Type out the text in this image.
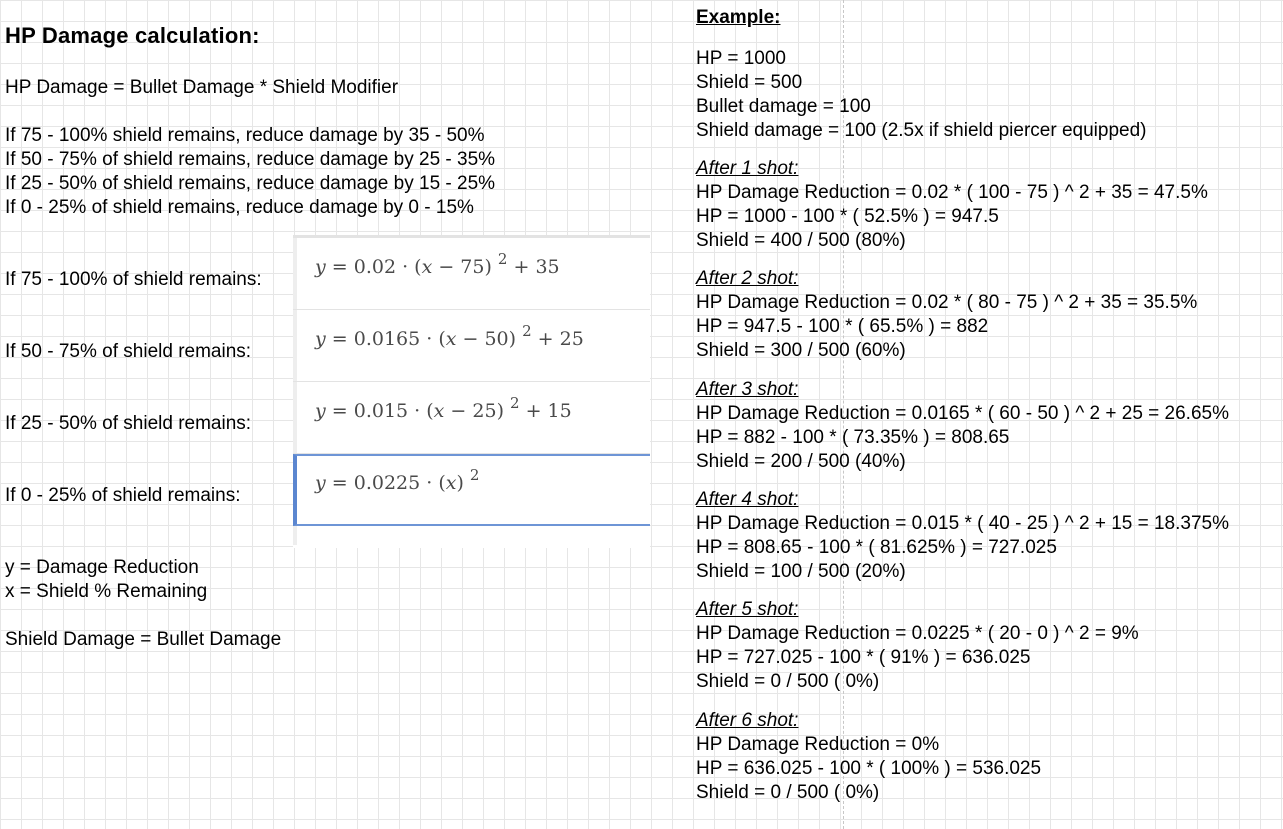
HP Damage calculation:
HP Damage = Bullet Damage * Shield Modifier
If 75 - 100% shield remains, reduce damage by 35 - 50%
If 50 - 75% of shield remains, reduce damage by 25 - 35%
If 25 - 50% of shield remains, reduce damage by 15 - 25%
If 0 - 25% of shield remains, reduce damage by 0 - 15%
If 75 - 100% of shield remains:
If 50 - 75% of shield remains:
If 25 - 50% of shield remains:
If 0 - 25% of shield remains:
y = 0.02 · (x − 75) $^2$ + 35
y = 0.0165 · (x − 50) $^2$ + 25
y = 0.015 · (x − 25) $^2$ + 15
y = 0.0225 · (x) $^2$
y = Damage Reduction
x = Shield % Remaining
Shield Damage = Bullet Damage
Example:
HP = 1000
Shield = 500
Bullet damage = 100
Shield damage = 100 (2.5x if shield piercer equipped)
After 1 shot:
HP Damage Reduction = 0.02 * ( 100 - 75 ) ^ 2 + 35 = 47.5%
HP = 1000 - 100 * ( 52.5% ) = 947.5
Shield = 400 / 500 (80%)
After 2 shot:
HP Damage Reduction = 0.02 * ( 80 - 75 ) ^ 2 + 35 = 35.5%
HP = 947.5 - 100 * ( 65.5% ) = 882
Shield = 300 / 500 (60%)
After 3 shot:
HP Damage Reduction = 0.0165 * ( 60 - 50 ) ^ 2 + 25 = 26.65%
HP = 882 - 100 * ( 73.35% ) = 808.65
Shield = 200 / 500 (40%)
After 4 shot:
HP Damage Reduction = 0.015 * ( 40 - 25 ) ^ 2 + 15 = 18.375%
HP = 808.65 - 100 * ( 81.625% ) = 727.025
Shield = 100 / 500 (20%)
After 5 shot:
HP Damage Reduction = 0.0225 * ( 20 - 0 ) ^ 2 = 9%
HP = 727.025 - 100 * ( 91% ) = 636.025
Shield = 0 / 500 ( 0%)
After 6 shot:
HP Damage Reduction = 0%
HP = 636.025 - 100 * ( 100% ) = 536.025
Shield = 0 / 500 ( 0%)
